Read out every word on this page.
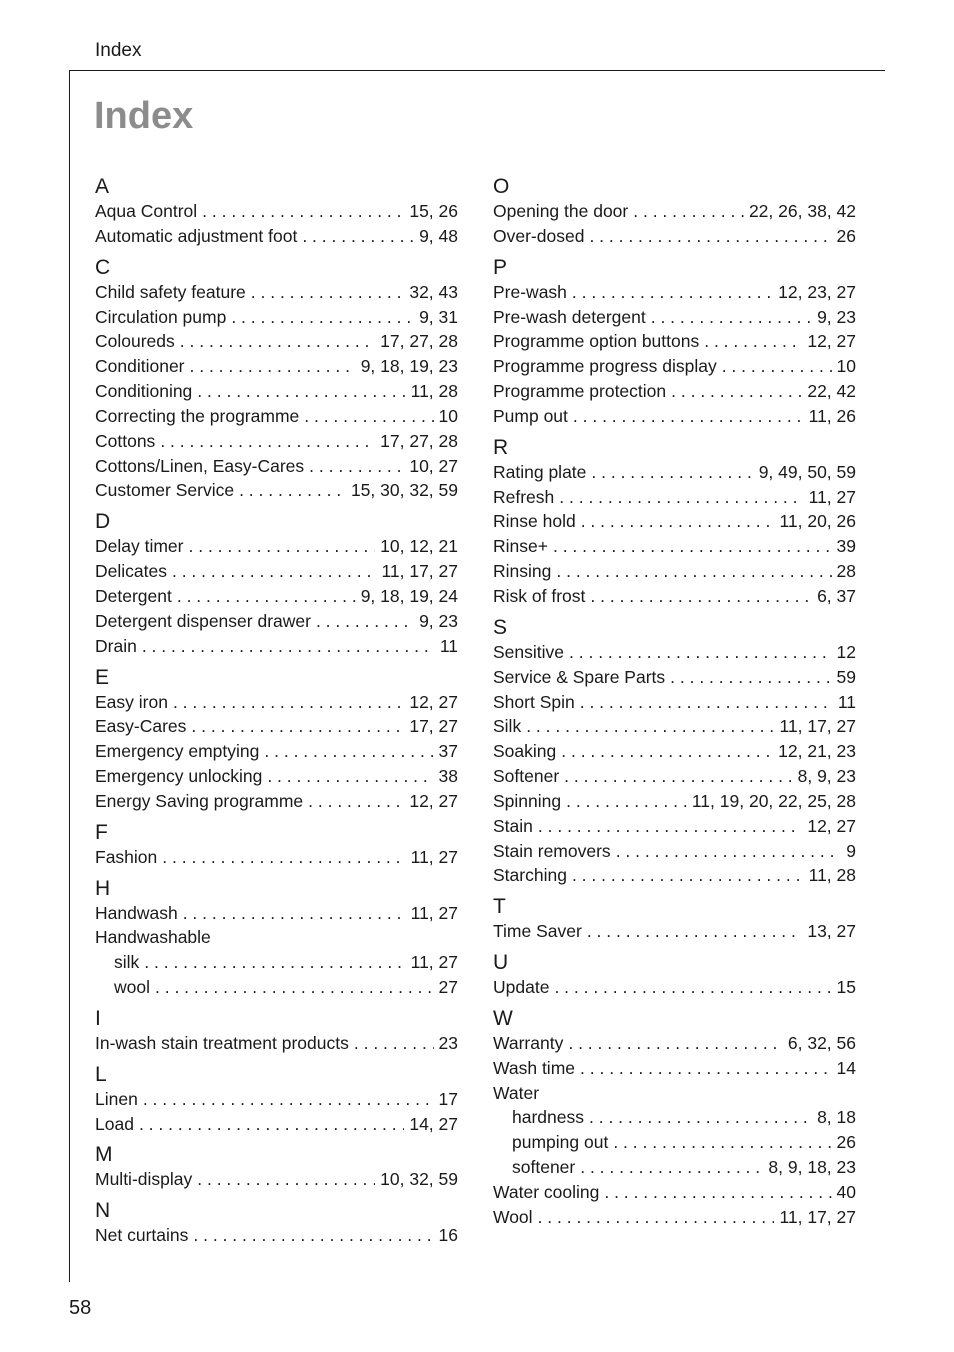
Index
Index
A
Aqua Control . . .	15, 26
Automatic adjustment foot . . .	9, 48
C
Child safety feature . . .	32, 43
Circulation pump . . .	9, 31
Coloureds . . .	17, 27, 28
Conditioner . . .	9, 18, 19, 23
Conditioning . . .	11, 28
Correcting the programme . . .	10
Cottons . . .	17, 27, 28
Cottons/Linen, Easy-Cares . . .	10, 27
Customer Service . . .	15, 30, 32, 59
D
Delay timer . . .	10, 12, 21
Delicates . . .	11, 17, 27
Detergent . . .	9, 18, 19, 24
Detergent dispenser drawer . . .	9, 23
Drain . . .	11
E
Easy iron . . .	12, 27
Easy-Cares . . .	17, 27
Emergency emptying . . .	37
Emergency unlocking . . .	38
Energy Saving programme . . .	12, 27
F
Fashion . . .	11, 27
H
Handwash . . .	11, 27
Handwashable
silk . . .	11, 27
wool . . .	27
I
In-wash stain treatment products . . .	23
L
Linen . . .	17
Load . . .	14, 27
M
Multi-display . . .	10, 32, 59
N
Net curtains . . .	16
O
Opening the door . . .	22, 26, 38, 42
Over-dosed . . .	26
P
Pre-wash . . .	12, 23, 27
Pre-wash detergent . . .	9, 23
Programme option buttons . . .	12, 27
Programme progress display . . .	10
Programme protection . . .	22, 42
Pump out . . .	11, 26
R
Rating plate . . .	9, 49, 50, 59
Refresh . . .	11, 27
Rinse hold . . .	11, 20, 26
Rinse+ . . .	39
Rinsing . . .	28
Risk of frost . . .	6, 37
S
Sensitive . . .	12
Service & Spare Parts . . .	59
Short Spin . . .	11
Silk . . .	11, 17, 27
Soaking . . .	12, 21, 23
Softener . . .	8, 9, 23
Spinning . . .	11, 19, 20, 22, 25, 28
Stain . . .	12, 27
Stain removers . . .	9
Starching . . .	11, 28
T
Time Saver . . .	13, 27
U
Update . . .	15
W
Warranty . . .	6, 32, 56
Wash time . . .	14
Water
hardness . . .	8, 18
pumping out . . .	26
softener . . .	8, 9, 18, 23
Water cooling . . .	40
Wool . . .	11, 17, 27
58
